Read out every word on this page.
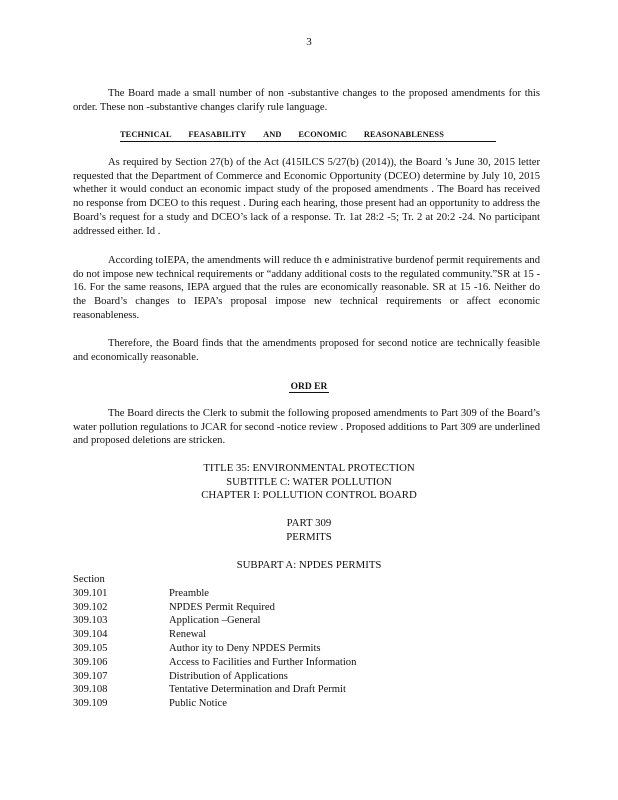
3

The Board made a small number of non -substantive changes to the proposed amendments for this order. These non -substantive changes clarify rule language.

TECHNICAL FEASABILITY AND ECONOMIC REASONABLENESS

As required by Section 27(b) of the Act (415ILCS 5/27(b) (2014)), the Board ’s June 30, 2015 letter requested that the Department of Commerce and Economic Opportunity (DCEO) determine by July 10, 2015 whether it would conduct an economic impact study of the proposed amendments . The Board has received no response from DCEO to this request . During each hearing, those present had an opportunity to address the Board’s request for a study and DCEO’s lack of a response. Tr. 1at 28:2 -5; Tr. 2 at 20:2 -24. No participant addressed either. Id .

According toIEPA, the amendments will reduce th e administrative burdenof permit requirements and do not impose new technical requirements or “addany additional costs to the regulated community.”SR at 15 - 16. For the same reasons, IEPA argued that the rules are economically reasonable. SR at 15 -16. Neither do the Board’s changes to IEPA’s proposal impose new technical requirements or affect economic reasonableness.

Therefore, the Board finds that the amendments proposed for second notice are technically feasible and economically reasonable.

ORD ER

The Board directs the Clerk to submit the following proposed amendments to Part 309 of the Board’s water pollution regulations to JCAR for second -notice review . Proposed additions to Part 309 are underlined and proposed deletions are stricken.

TITLE 35: ENVIRONMENTAL PROTECTION
SUBTITLE C: WATER POLLUTION
CHAPTER I: POLLUTION CONTROL BOARD
PART 309
PERMITS
SUBPART A: NPDES PERMITS
Section
309.101	Preamble
309.102	NPDES Permit Required
309.103	Application –General
309.104	Renewal
309.105	Author ity to Deny NPDES Permits
309.106	Access to Facilities and Further Information
309.107	Distribution of Applications
309.108	Tentative Determination and Draft Permit
309.109	Public Notice
